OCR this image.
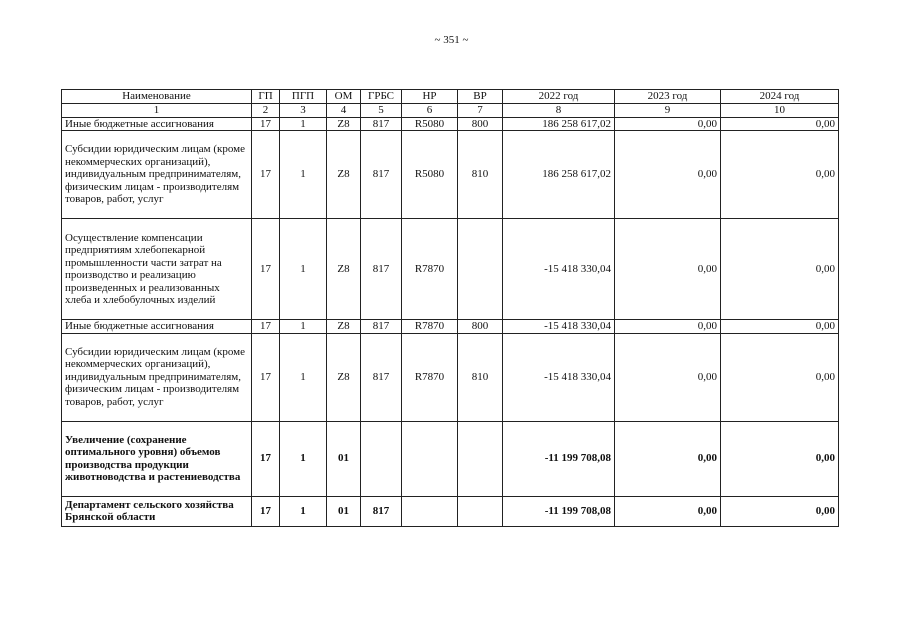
~ 351 ~
Наименование	ГП	ПГП	ОМ	ГРБС	НР	ВР	2022 год	2023 год	2024 год
1	2	3	4	5	6	7	8	9	10
Иные бюджетные ассигнования	17	1	Z8	817	R5080	800	186 258 617,02	0,00	0,00
Субсидии юридическим лицам (кроме некоммерческих организаций), индивидуальным предпринимателям, физическим лицам - производителям товаров, работ, услуг	17	1	Z8	817	R5080	810	186 258 617,02	0,00	0,00
Осуществление компенсации предприятиям хлебопекарной промышленности части затрат на производство и реализацию произведенных и реализованных хлеба и хлебобулочных изделий	17	1	Z8	817	R7870		-15 418 330,04	0,00	0,00
Иные бюджетные ассигнования	17	1	Z8	817	R7870	800	-15 418 330,04	0,00	0,00
Субсидии юридическим лицам (кроме некоммерческих организаций), индивидуальным предпринимателям, физическим лицам - производителям товаров, работ, услуг	17	1	Z8	817	R7870	810	-15 418 330,04	0,00	0,00
Увеличение (сохранение оптимального уровня) объемов производства продукции животноводства и растениеводства	17	1	01				-11 199 708,08	0,00	0,00
Департамент сельского хозяйства Брянской области	17	1	01	817			-11 199 708,08	0,00	0,00
